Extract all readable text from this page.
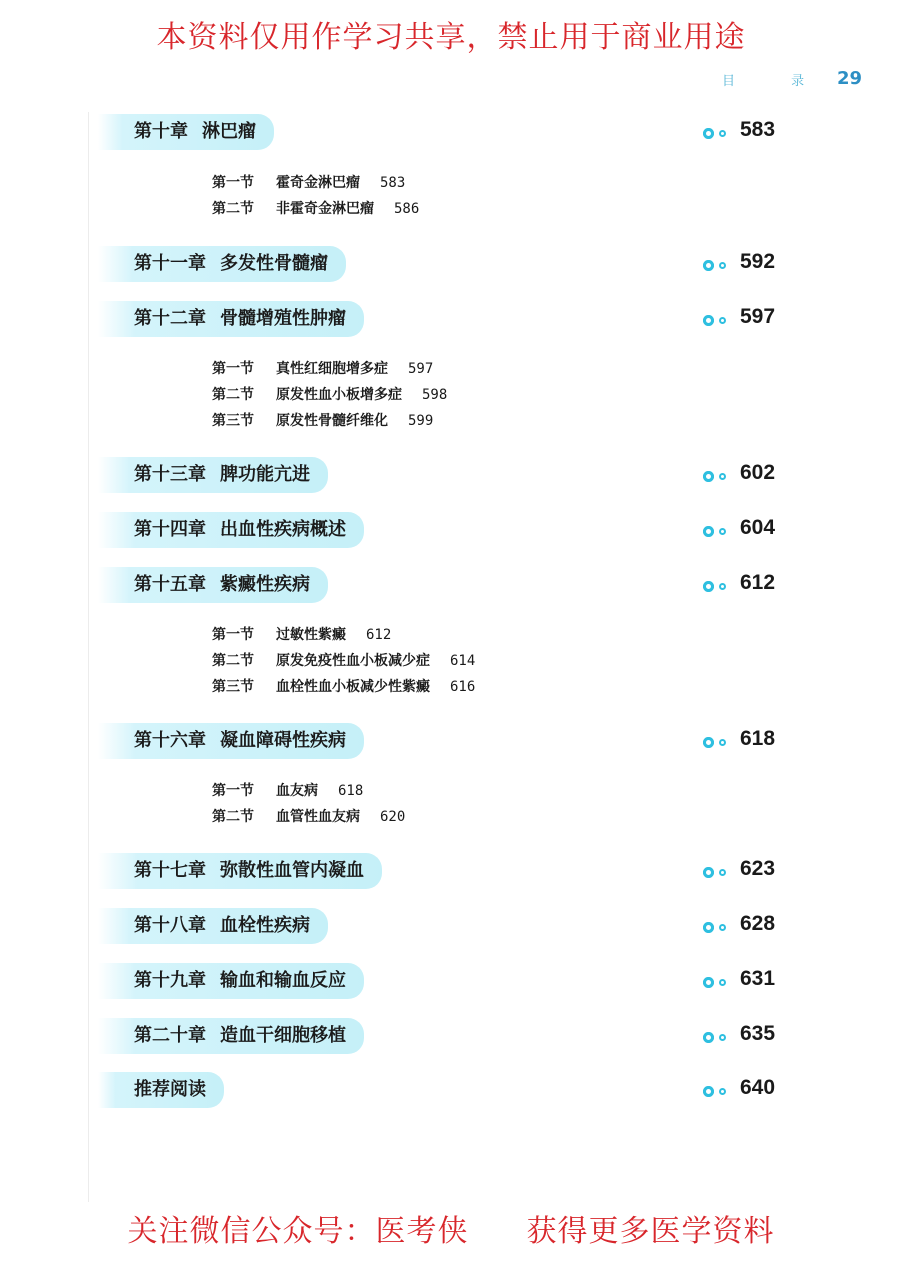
本资料仅用作学习共享，禁止用于商业用途
目 录 29
第十章 淋巴瘤	583
第一节 霍奇金淋巴瘤 583
第二节 非霍奇金淋巴瘤 586
第十一章 多发性骨髓瘤	592
第十二章 骨髓增殖性肿瘤	597
第一节 真性红细胞增多症 597
第二节 原发性血小板增多症 598
第三节 原发性骨髓纤维化 599
第十三章 脾功能亢进	602
第十四章 出血性疾病概述	604
第十五章 紫癜性疾病	612
第一节 过敏性紫癜 612
第二节 原发免疫性血小板减少症 614
第三节 血栓性血小板减少性紫癜 616
第十六章 凝血障碍性疾病	618
第一节 血友病 618
第二节 血管性血友病 620
第十七章 弥散性血管内凝血	623
第十八章 血栓性疾病	628
第十九章 输血和输血反应	631
第二十章 造血干细胞移植	635
推荐阅读	640
关注微信公众号：医考侠 获得更多医学资料
